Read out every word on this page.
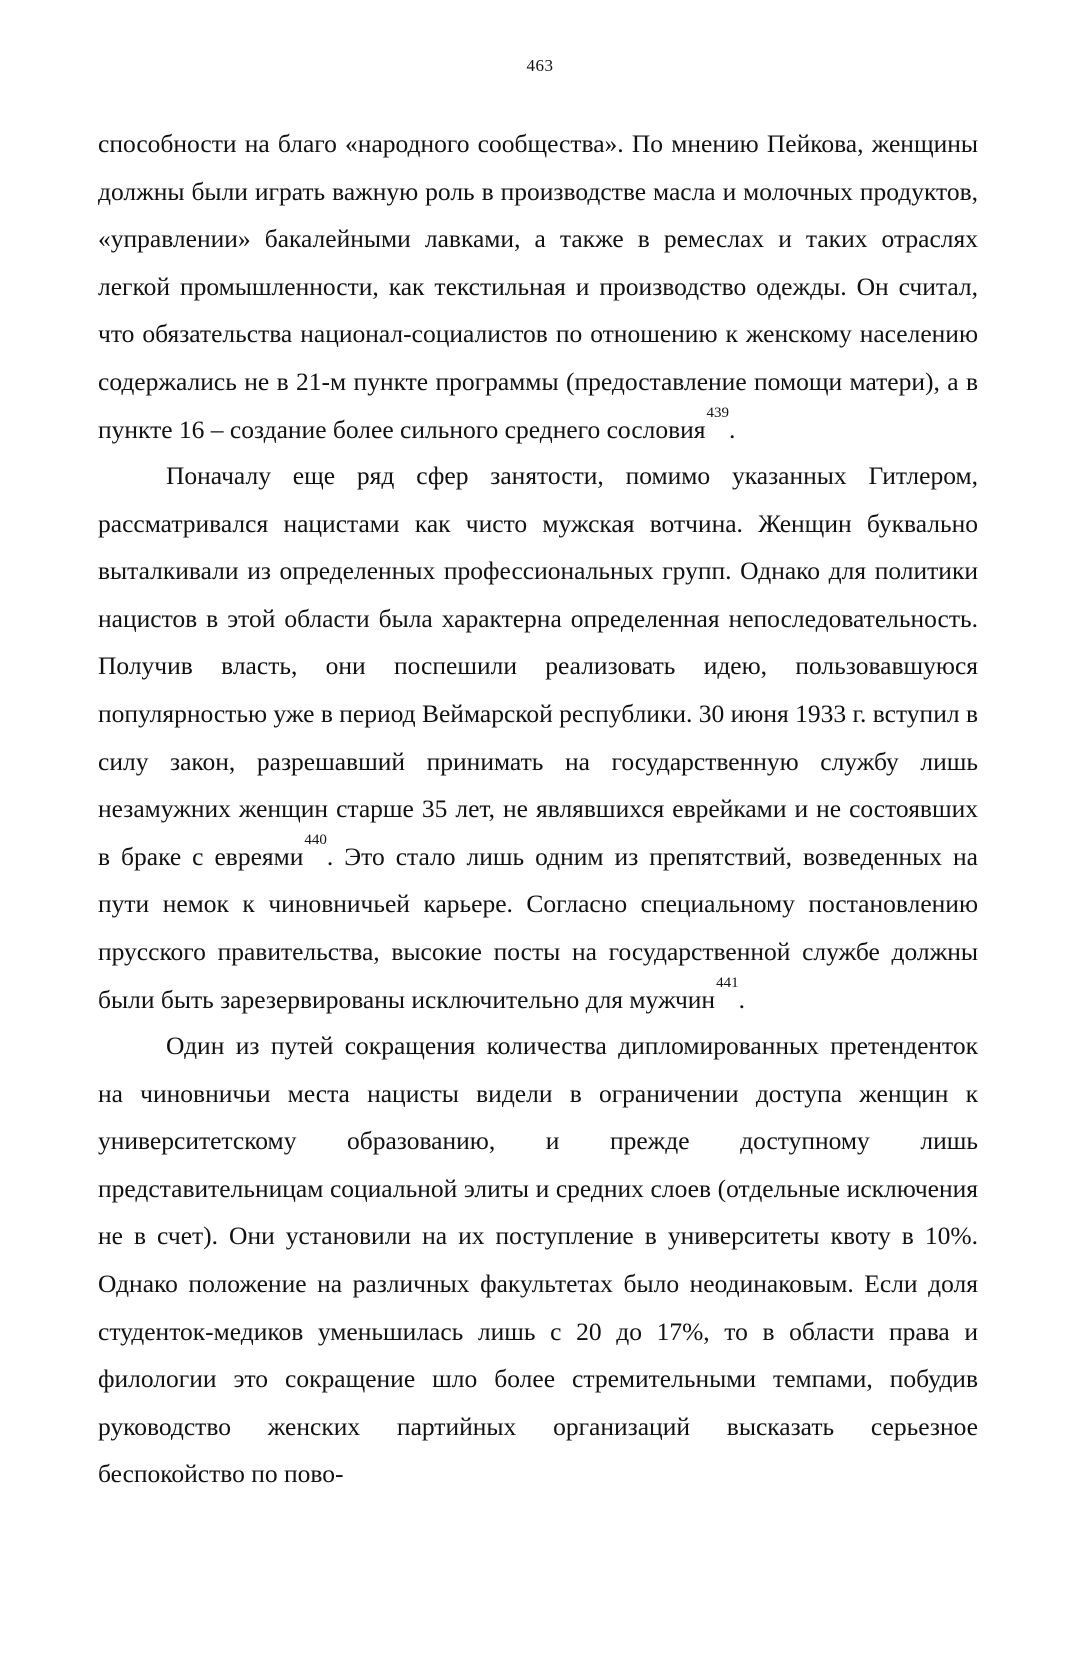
463

способности на благо «народного сообщества». По мнению Пейкова, женщины должны были играть важную роль в производстве масла и молочных продуктов, «управлении» бакалейными лавками, а также в ремеслах и таких отраслях легкой промышленности, как текстильная и производство одежды. Он считал, что обязательства национал-социалистов по отношению к женскому населению содержались не в 21-м пункте программы (предоставление помощи матери), а в пункте 16 – создание более сильного среднего сословия$^{439}$.

Поначалу еще ряд сфер занятости, помимо указанных Гитлером, рассматривался нацистами как чисто мужская вотчина. Женщин буквально выталкивали из определенных профессиональных групп. Однако для политики нацистов в этой области была характерна определенная непоследовательность. Получив власть, они поспешили реализовать идею, пользовавшуюся популярностью уже в период Веймарской республики. 30 июня 1933 г. вступил в силу закон, разрешавший принимать на государственную службу лишь незамужних женщин старше 35 лет, не являвшихся еврейками и не состоявших в браке с евреями$^{440}$. Это стало лишь одним из препятствий, возведенных на пути немок к чиновничьей карьере. Согласно специальному постановлению прусского правительства, высокие посты на государственной службе должны были быть зарезервированы исключительно для мужчин$^{441}$.

Один из путей сокращения количества дипломированных претенденток на чиновничьи места нацисты видели в ограничении доступа женщин к университетскому образованию, и прежде доступному лишь представительницам социальной элиты и средних слоев (отдельные исключения не в счет). Они установили на их поступление в университеты квоту в 10%. Однако положение на различных факультетах было неодинаковым. Если доля студенток-медиков уменьшилась лишь с 20 до 17%, то в области права и филологии это сокращение шло более стремительными темпами, побудив руководство женских партийных организаций высказать серьезное беспокойство по пово-
